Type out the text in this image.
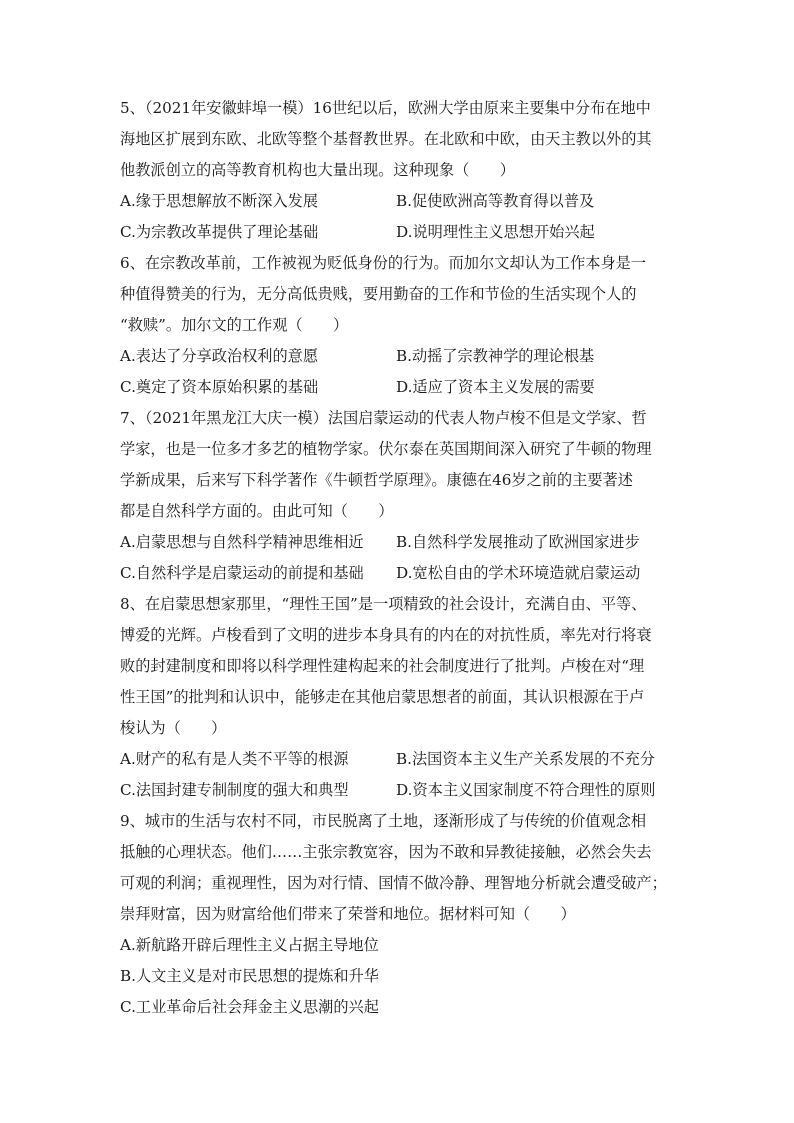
5、（2021年安徽蚌埠一模）16世纪以后，欧洲大学由原来主要集中分布在地中
海地区扩展到东欧、北欧等整个基督教世界。在北欧和中欧，由天主教以外的其
他教派创立的高等教育机构也大量出现。这种现象（　　）
A.缘于思想解放不断深入发展	B.促使欧洲高等教育得以普及
C.为宗教改革提供了理论基础	D.说明理性主义思想开始兴起
6、在宗教改革前，工作被视为贬低身份的行为。而加尔文却认为工作本身是一
种值得赞美的行为，无分高低贵贱，要用勤奋的工作和节俭的生活实现个人的
“救赎”。加尔文的工作观（　　）
A.表达了分享政治权利的意愿	B.动摇了宗教神学的理论根基
C.奠定了资本原始积累的基础	D.适应了资本主义发展的需要
7、（2021年黑龙江大庆一模）法国启蒙运动的代表人物卢梭不但是文学家、哲
学家，也是一位多才多艺的植物学家。伏尔泰在英国期间深入研究了牛顿的物理
学新成果，后来写下科学著作《牛顿哲学原理》。康德在46岁之前的主要著述
都是自然科学方面的。由此可知（　　）
A.启蒙思想与自然科学精神思维相近 B.自然科学发展推动了欧洲国家进步
C.自然科学是启蒙运动的前提和基础 D.宽松自由的学术环境造就启蒙运动
8、在启蒙思想家那里，“理性王国”是一项精致的社会设计，充满自由、平等、
博爱的光辉。卢梭看到了文明的进步本身具有的内在的对抗性质，率先对行将衰
败的封建制度和即将以科学理性建构起来的社会制度进行了批判。卢梭在对“理
性王国”的批判和认识中，能够走在其他启蒙思想者的前面，其认识根源在于卢
梭认为（　　）
A.财产的私有是人类不平等的根源	B.法国资本主义生产关系发展的不充分
C.法国封建专制制度的强大和典型	D.资本主义国家制度不符合理性的原则
9、城市的生活与农村不同，市民脱离了土地，逐渐形成了与传统的价值观念相
抵触的心理状态。他们……主张宗教宽容，因为不敢和异教徒接触，必然会失去
可观的利润；重视理性，因为对行情、国情不做冷静、理智地分析就会遭受破产；
崇拜财富，因为财富给他们带来了荣誉和地位。据材料可知（　　）
A.新航路开辟后理性主义占据主导地位
B.人文主义是对市民思想的提炼和升华
C.工业革命后社会拜金主义思潮的兴起
